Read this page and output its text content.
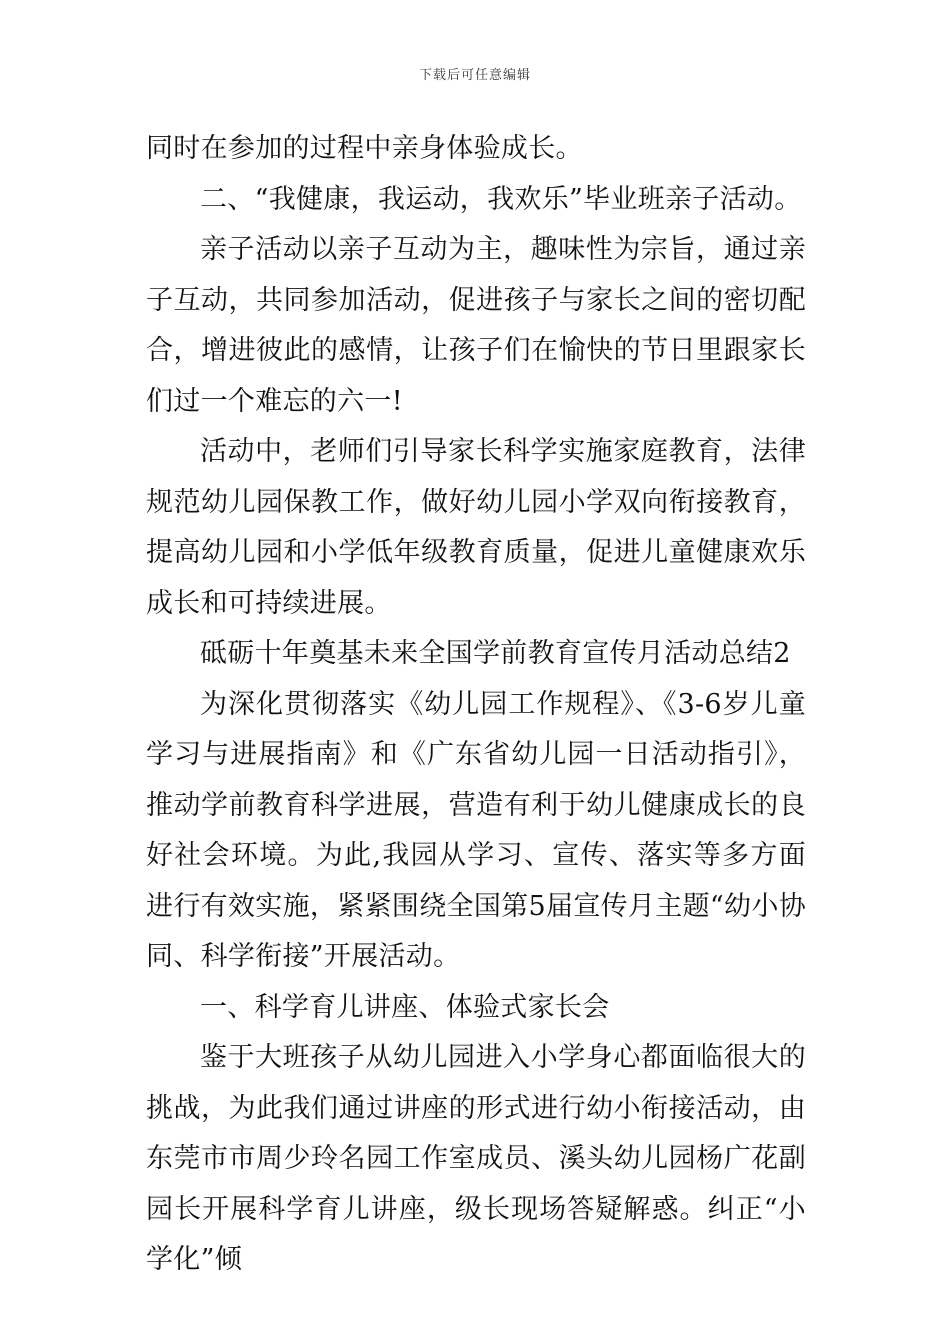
下载后可任意编辑

同时在参加的过程中亲身体验成长。

二、“我健康，我运动，我欢乐”毕业班亲子活动。

亲子活动以亲子互动为主，趣味性为宗旨，通过亲子互动，共同参加活动，促进孩子与家长之间的密切配合，增进彼此的感情，让孩子们在愉快的节日里跟家长们过一个难忘的六一!

活动中，老师们引导家长科学实施家庭教育，法律规范幼儿园保教工作，做好幼儿园小学双向衔接教育，提高幼儿园和小学低年级教育质量，促进儿童健康欢乐成长和可持续进展。

砥砺十年奠基未来全国学前教育宣传月活动总结2

为深化贯彻落实《幼儿园工作规程》、《3-6岁儿童学习与进展指南》和《广东省幼儿园一日活动指引》，推动学前教育科学进展，营造有利于幼儿健康成长的良好社会环境。为此,我园从学习、宣传、落实等多方面进行有效实施，紧紧围绕全国第5届宣传月主题“幼小协同、科学衔接”开展活动。

一、科学育儿讲座、体验式家长会

鉴于大班孩子从幼儿园进入小学身心都面临很大的挑战，为此我们通过讲座的形式进行幼小衔接活动，由东莞市市周少玲名园工作室成员、溪头幼儿园杨广花副园长开展科学育儿讲座，级长现场答疑解惑。纠正“小学化”倾
